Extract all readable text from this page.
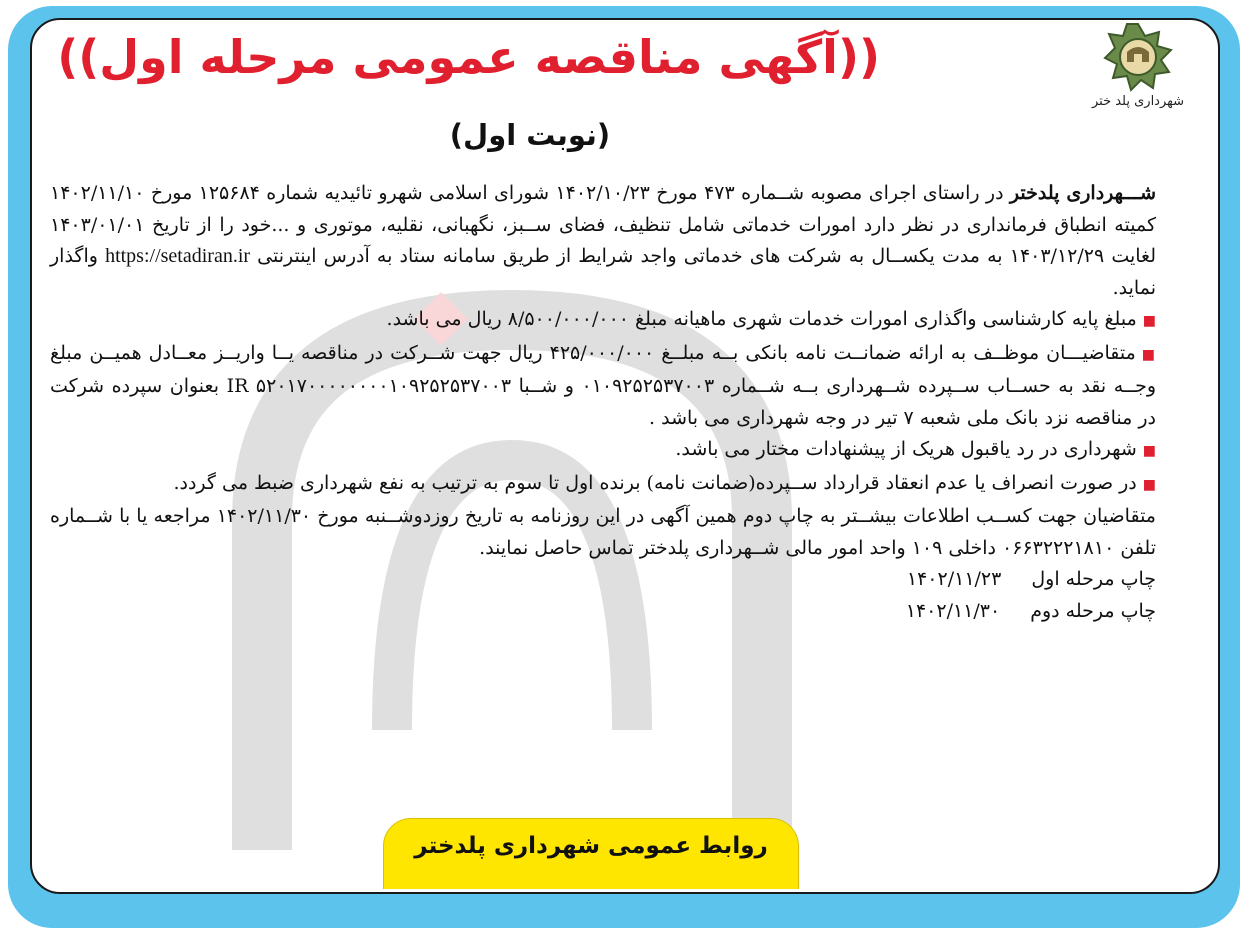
شهرداری پلد ختر
((آگهی مناقصه عمومی مرحله اول))
(نوبت اول)

شـــهرداری پلدختر در راستای اجرای مصوبه شــماره ۴۷۳ مورخ ۱۴۰۲/۱۰/۲۳ شورای اسلامی شهرو تائیدیه شماره ۱۲۵۶۸۴ مورخ ۱۴۰۲/۱۱/۱۰ کمیته انطباق فرمانداری در نظر دارد امورات خدماتی شامل تنظیف، فضای ســبز، نگهبانی، نقلیه، موتوری و ...خود را از تاریخ ۱۴۰۳/۰۱/۰۱ لغایت ۱۴۰۳/۱۲/۲۹ به مدت یکســال به شرکت های خدماتی واجد شرایط از طریق سامانه ستاد به آدرس اینترنتی https://setadiran.ir واگذار نماید.

■مبلغ پایه کارشناسی واگذاری امورات خدمات شهری ماهیانه مبلغ ۸/۵۰۰/۰۰۰/۰۰۰ ریال می باشد.

■متقاضیـــان موظــف به ارائه ضمانــت نامه بانکی بــه مبلــغ ۴۲۵/۰۰۰/۰۰۰ ریال جهت شــرکت در مناقصه یــا واریــز معــادل همیــن مبلغ وجــه نقد به حســاب ســپرده شــهرداری بــه شــماره ۰۱۰۹۲۵۲۵۳۷۰۰۳ و شــبا IR ۵۲۰۱۷۰۰۰۰۰۰۰۰۱۰۹۲۵۲۵۳۷۰۰۳ بعنوان سپرده شرکت در مناقصه نزد بانک ملی شعبه ۷ تیر در وجه شهرداری می باشد .

■شهرداری در رد یاقبول هریک از پیشنهادات مختار می باشد.

■در صورت انصراف یا عدم انعقاد قرارداد ســپرده(ضمانت نامه) برنده اول تا سوم به ترتیب به نفع شهرداری ضبط می گردد.

متقاضیان جهت کســب اطلاعات بیشــتر به چاپ دوم همین آگهی در این روزنامه به تاریخ روزدوشــنبه مورخ ۱۴۰۲/۱۱/۳۰ مراجعه یا با شــماره تلفن ۰۶۶۳۲۲۲۱۸۱۰ داخلی ۱۰۹ واحد امور مالی شــهرداری پلدختر تماس حاصل نمایند.

چاپ مرحله اول۱۴۰۲/۱۱/۲۳

چاپ مرحله دوم۱۴۰۲/۱۱/۳۰

روابط عمومی شهرداری پلدختر
